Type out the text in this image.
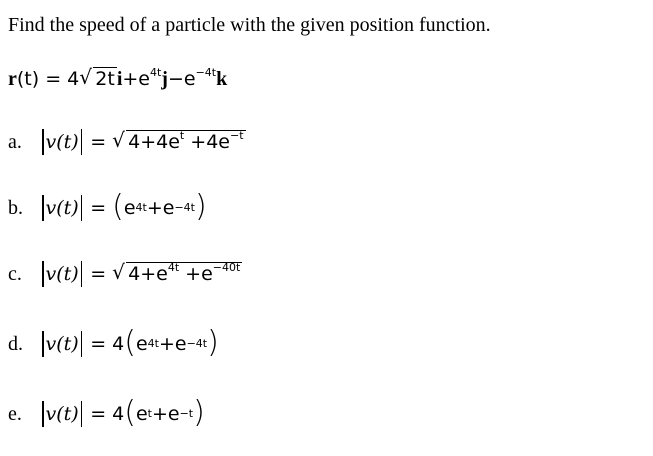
Find the speed of a particle with the given position function.
r(t) = 4 √ 2t $i+e^{4t}j-e^{-4t}k$
a. v(t) =	√ $4+4e^t +4e^{-t}$
b. v(t) = ( e 4t +e −4t )
c. v(t) =	√ $4+e^{4t} +e^{-40t}$
d. v(t) = 4 ( e 4t +e −4t )
e. v(t) = 4 ( e t +e −t )
